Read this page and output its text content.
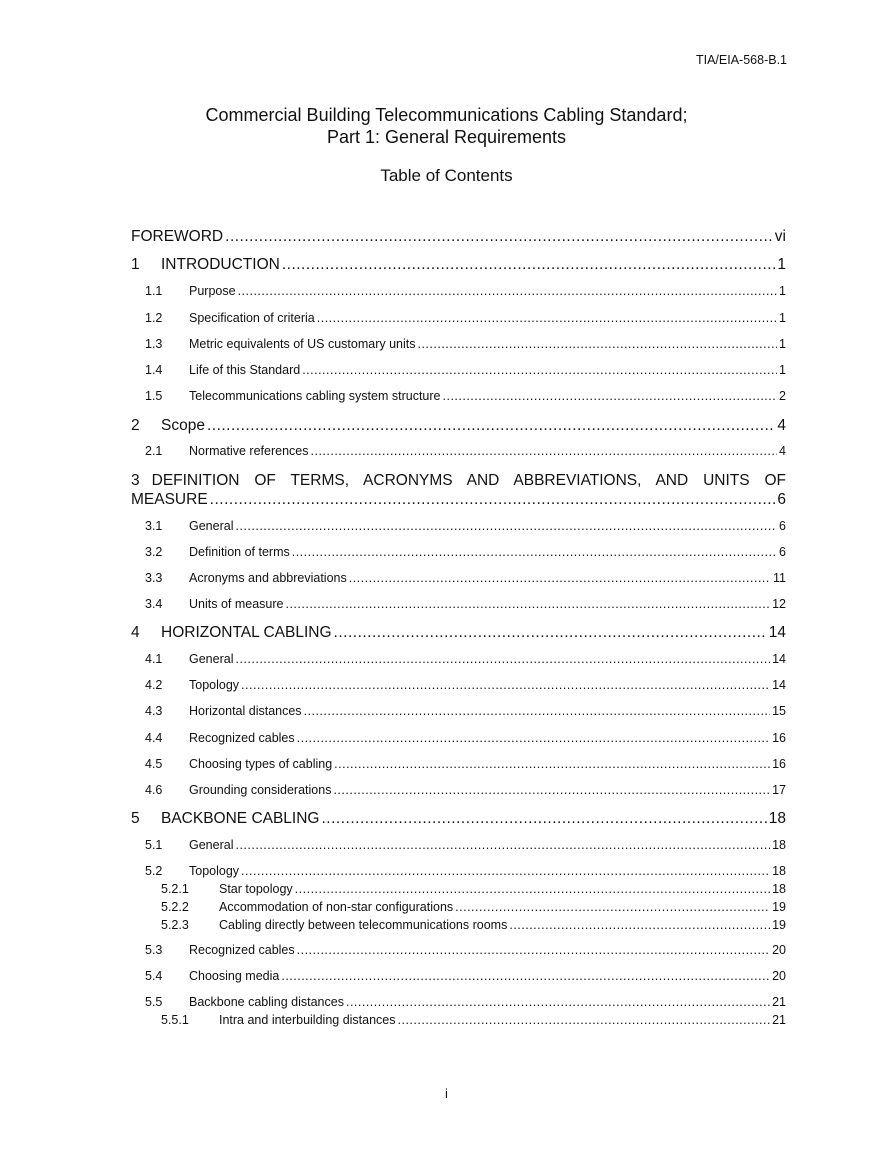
TIA/EIA-568-B.1
Commercial Building Telecommunications Cabling Standard;
Part 1: General Requirements
Table of Contents
FOREWORD .....	vi
1	INTRODUCTION .....	1
1.1	Purpose .....	1
1.2	Specification of criteria .....	1
1.3	Metric equivalents of US customary units .....	1
1.4	Life of this Standard .....	1
1.5	Telecommunications cabling system structure .....	2
2	Scope .....	4
2.1	Normative references .....	4
3 DEFINITION OF TERMS, ACRONYMS AND ABBREVIATIONS, AND UNITS OF
MEASURE .....	6
3.1	General .....	6
3.2	Definition of terms .....	6
3.3	Acronyms and abbreviations .....	11
3.4	Units of measure .....	12
4	HORIZONTAL CABLING .....	14
4.1	General .....	14
4.2	Topology .....	14
4.3	Horizontal distances .....	15
4.4	Recognized cables .....	16
4.5	Choosing types of cabling .....	16
4.6	Grounding considerations .....	17
5	BACKBONE CABLING .....	18
5.1	General .....	18
5.2	Topology .....	18
5.2.1	Star topology .....	18
5.2.2	Accommodation of non-star configurations .....	19
5.2.3	Cabling directly between telecommunications rooms .....	19
5.3	Recognized cables .....	20
5.4	Choosing media .....	20
5.5	Backbone cabling distances .....	21
5.5.1	Intra and interbuilding distances .....	21
i
